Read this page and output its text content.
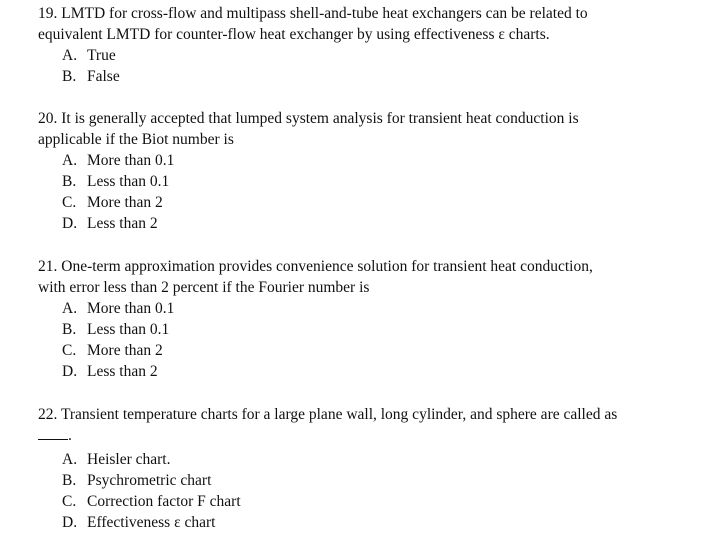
19. LMTD for cross-flow and multipass shell-and-tube heat exchangers can be related to
equivalent LMTD for counter-flow heat exchanger by using effectiveness ε charts.

A. True
B. False

20. It is generally accepted that lumped system analysis for transient heat conduction is
applicable if the Biot number is

A. More than 0.1
B. Less than 0.1
C. More than 2
D. Less than 2

21. One-term approximation provides convenience solution for transient heat conduction,
with error less than 2 percent if the Fourier number is

A. More than 0.1
B. Less than 0.1
C. More than 2
D. Less than 2

22. Transient temperature charts for a large plane wall, long cylinder, and sphere are called as

.
A. Heisler chart.
B. Psychrometric chart
C. Correction factor F chart
D. Effectiveness ε chart
